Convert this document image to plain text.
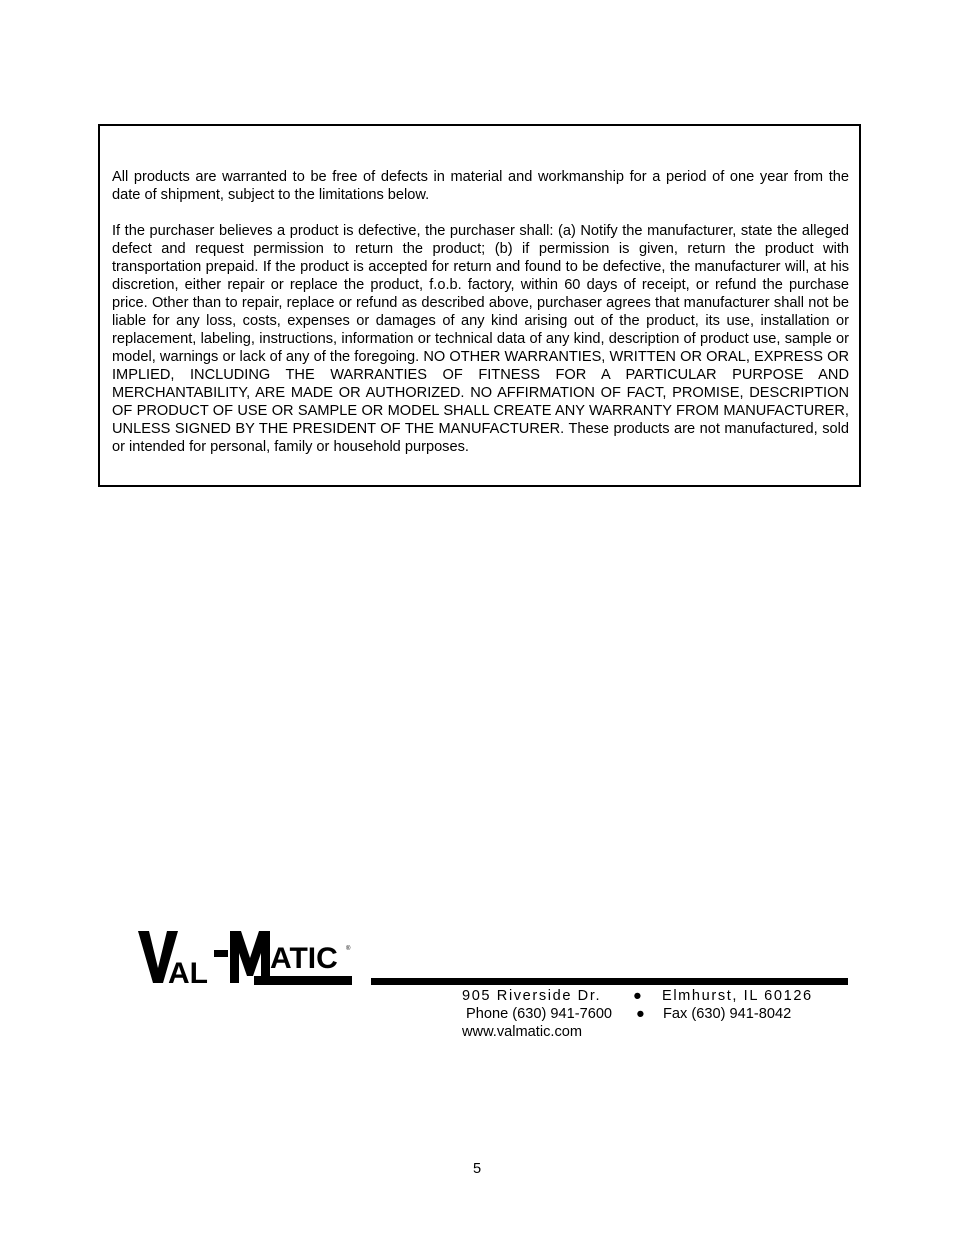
All products are warranted to be free of defects in material and workmanship for a period of one year from the date of shipment, subject to the limitations below.

If the purchaser believes a product is defective, the purchaser shall: (a) Notify the manufacturer, state the alleged defect and request permission to return the product; (b) if permission is given, return the product with transportation prepaid. If the product is accepted for return and found to be defective, the manufacturer will, at his discretion, either repair or replace the product, f.o.b. factory, within 60 days of receipt, or refund the purchase price. Other than to repair, replace or refund as described above, purchaser agrees that manufacturer shall not be liable for any loss, costs, expenses or damages of any kind arising out of the product, its use, installation or replacement, labeling, instructions, information or technical data of any kind, description of product use, sample or model, warnings or lack of any of the foregoing. NO OTHER WARRANTIES, WRITTEN OR ORAL, EXPRESS OR IMPLIED, INCLUDING THE WARRANTIES OF FITNESS FOR A PARTICULAR PURPOSE AND MERCHANTABILITY, ARE MADE OR AUTHORIZED. NO AFFIRMATION OF FACT, PROMISE, DESCRIPTION OF PRODUCT OF USE OR SAMPLE OR MODEL SHALL CREATE ANY WARRANTY FROM MANUFACTURER, UNLESS SIGNED BY THE PRESIDENT OF THE MANUFACTURER. These products are not manufactured, sold or intended for personal, family or household purposes.

AL ATIC ®
905 Riverside Dr. ● Elmhurst, IL 60126
Phone (630) 941-7600 ● Fax (630) 941-8042
www.valmatic.com
5
